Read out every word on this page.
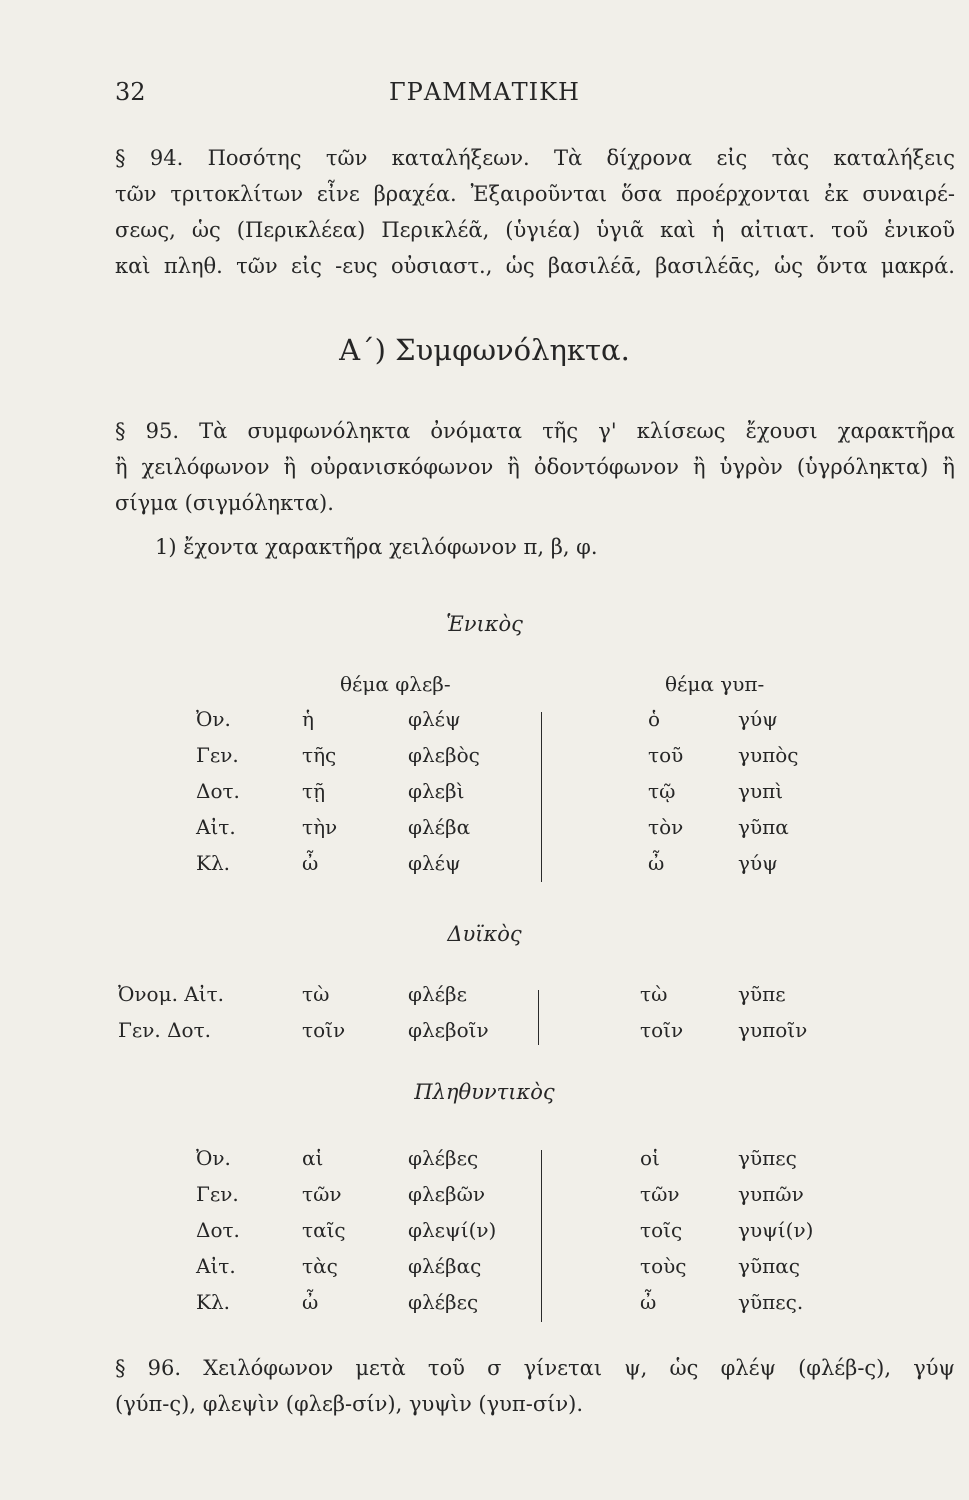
32	ΓΡΑΜΜΑΤΙΚΗ
§ 94. Ποσότης τῶν καταλήξεων. Τὰ δίχρονα εἰς τὰς καταλήξεις
τῶν τριτοκλίτων εἶνε βραχέα. Ἐξαιροῦνται ὅσα προέρχονται ἐκ συναιρέ-
σεως, ὡς (Περικλέεα) Περικλέᾶ, (ὑγιέα) ὑγιᾶ καὶ ἡ αἰτιατ. τοῦ ἑνικοῦ
καὶ πληθ. τῶν εἰς -ευς οὐσιαστ., ὡς βασιλέᾱ, βασιλέᾱς, ὡς ὄντα μακρά.
Α΄) Συμφωνόληκτα.
§ 95. Τὰ συμφωνόληκτα ὀνόματα τῆς γ' κλίσεως ἔχουσι χαρακτῆρα
ἢ χειλόφωνον ἢ οὐρανισκόφωνον ἢ ὀδοντόφωνον ἢ ὑγρὸν (ὑγρόληκτα) ἢ
σίγμα (σιγμόληκτα).
1) ἔχοντα χαρακτῆρα χειλόφωνον π, β, φ.
Ἑνικὸς
θέμα φλεβ-	θέμα γυπ-
Ὀν.	ἡ	φλέψ	ὁ	γύψ
Γεν.	τῆς	φλεβὸς	τοῦ	γυπὸς
Δοτ.	τῇ	φλεβὶ	τῷ	γυπὶ
Αἰτ.	τὴν	φλέβα	τὸν	γῦπα
Κλ.	ὦ	φλέψ	ὦ	γύψ
Δυϊκὸς
Ὀνομ. Αἰτ.	τὼ	φλέβε	τὼ	γῦπε
Γεν. Δοτ.	τοῖν	φλεβοῖν	τοῖν	γυποῖν
Πληθυντικὸς
Ὀν.	αἱ	φλέβες	οἱ	γῦπες
Γεν.	τῶν	φλεβῶν	τῶν	γυπῶν
Δοτ.	ταῖς	φλεψί(ν)	τοῖς	γυψί(ν)
Αἰτ.	τὰς	φλέβας	τοὺς	γῦπας
Κλ.	ὦ	φλέβες	ὦ	γῦπες.
§ 96. Χειλόφωνον μετὰ τοῦ σ γίνεται ψ, ὡς φλέψ (φλέβ-ς), γύψ
(γύπ-ς), φλεψὶν (φλεβ-σίν), γυψὶν (γυπ-σίν).
